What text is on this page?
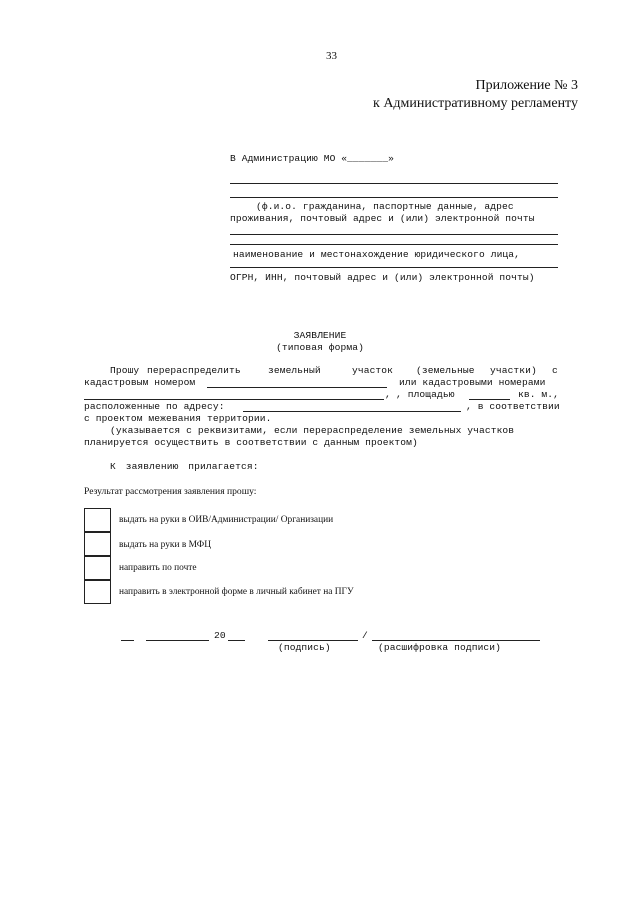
33
Приложение № 3
к Административному регламенту
В Администрацию МО «_______»
(ф.и.о. гражданина, паспортные данные, адрес
проживания, почтовый адрес и (или) электронной почты
наименование и местонахождение юридического лица,
ОГРН, ИНН, почтовый адрес и (или) электронной почты)
ЗАЯВЛЕНИЕ
(типовая форма)
Прошу перераспределить	земельный	участок (земельные участки) с
кадастровым номером	или кадастровыми номерами
, , площадью	кв. м.,
расположенные по адресу:	, в соответствии
с проектом межевания территории.
(указывается с реквизитами, если перераспределение земельных участков
планируется осуществить в соответствии с данным проектом)
К заявлению прилагается:
Результат рассмотрения заявления прошу:
выдать на руки в ОИВ/Администрации/ Организации
выдать на руки в МФЦ
направить по почте
направить в электронной форме в личный кабинет на ПГУ
20	/
(подпись)	(расшифровка подписи)
